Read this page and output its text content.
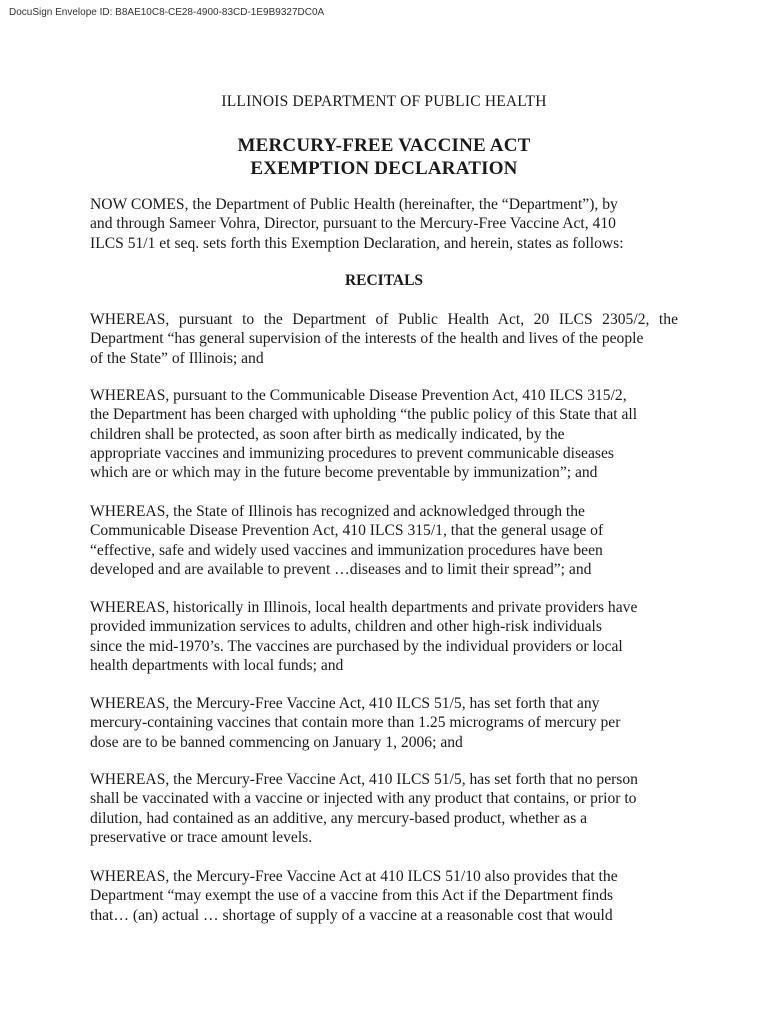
DocuSign Envelope ID: B8AE10C8-CE28-4900-83CD-1E9B9327DC0A
ILLINOIS DEPARTMENT OF PUBLIC HEALTH
MERCURY-FREE VACCINE ACT
EXEMPTION DECLARATION
NOW COMES, the Department of Public Health (hereinafter, the “Department”), by
and through Sameer Vohra, Director, pursuant to the Mercury-Free Vaccine Act, 410
ILCS 51/1 et seq. sets forth this Exemption Declaration, and herein, states as follows:
RECITALS
WHEREAS, pursuant to the Department of Public Health Act, 20 ILCS 2305/2, the
Department “has general supervision of the interests of the health and lives of the people
of the State” of Illinois; and
WHEREAS, pursuant to the Communicable Disease Prevention Act, 410 ILCS 315/2,
the Department has been charged with upholding “the public policy of this State that all
children shall be protected, as soon after birth as medically indicated, by the
appropriate vaccines and immunizing procedures to prevent communicable diseases
which are or which may in the future become preventable by immunization”; and
WHEREAS, the State of Illinois has recognized and acknowledged through the
Communicable Disease Prevention Act, 410 ILCS 315/1, that the general usage of
“effective, safe and widely used vaccines and immunization procedures have been
developed and are available to prevent …diseases and to limit their spread”; and
WHEREAS, historically in Illinois, local health departments and private providers have
provided immunization services to adults, children and other high-risk individuals
since the mid-1970’s. The vaccines are purchased by the individual providers or local
health departments with local funds; and
WHEREAS, the Mercury-Free Vaccine Act, 410 ILCS 51/5, has set forth that any
mercury-containing vaccines that contain more than 1.25 micrograms of mercury per
dose are to be banned commencing on January 1, 2006; and
WHEREAS, the Mercury-Free Vaccine Act, 410 ILCS 51/5, has set forth that no person
shall be vaccinated with a vaccine or injected with any product that contains, or prior to
dilution, had contained as an additive, any mercury-based product, whether as a
preservative or trace amount levels.
WHEREAS, the Mercury-Free Vaccine Act at 410 ILCS 51/10 also provides that the
Department “may exempt the use of a vaccine from this Act if the Department finds
that… (an) actual … shortage of supply of a vaccine at a reasonable cost that would
